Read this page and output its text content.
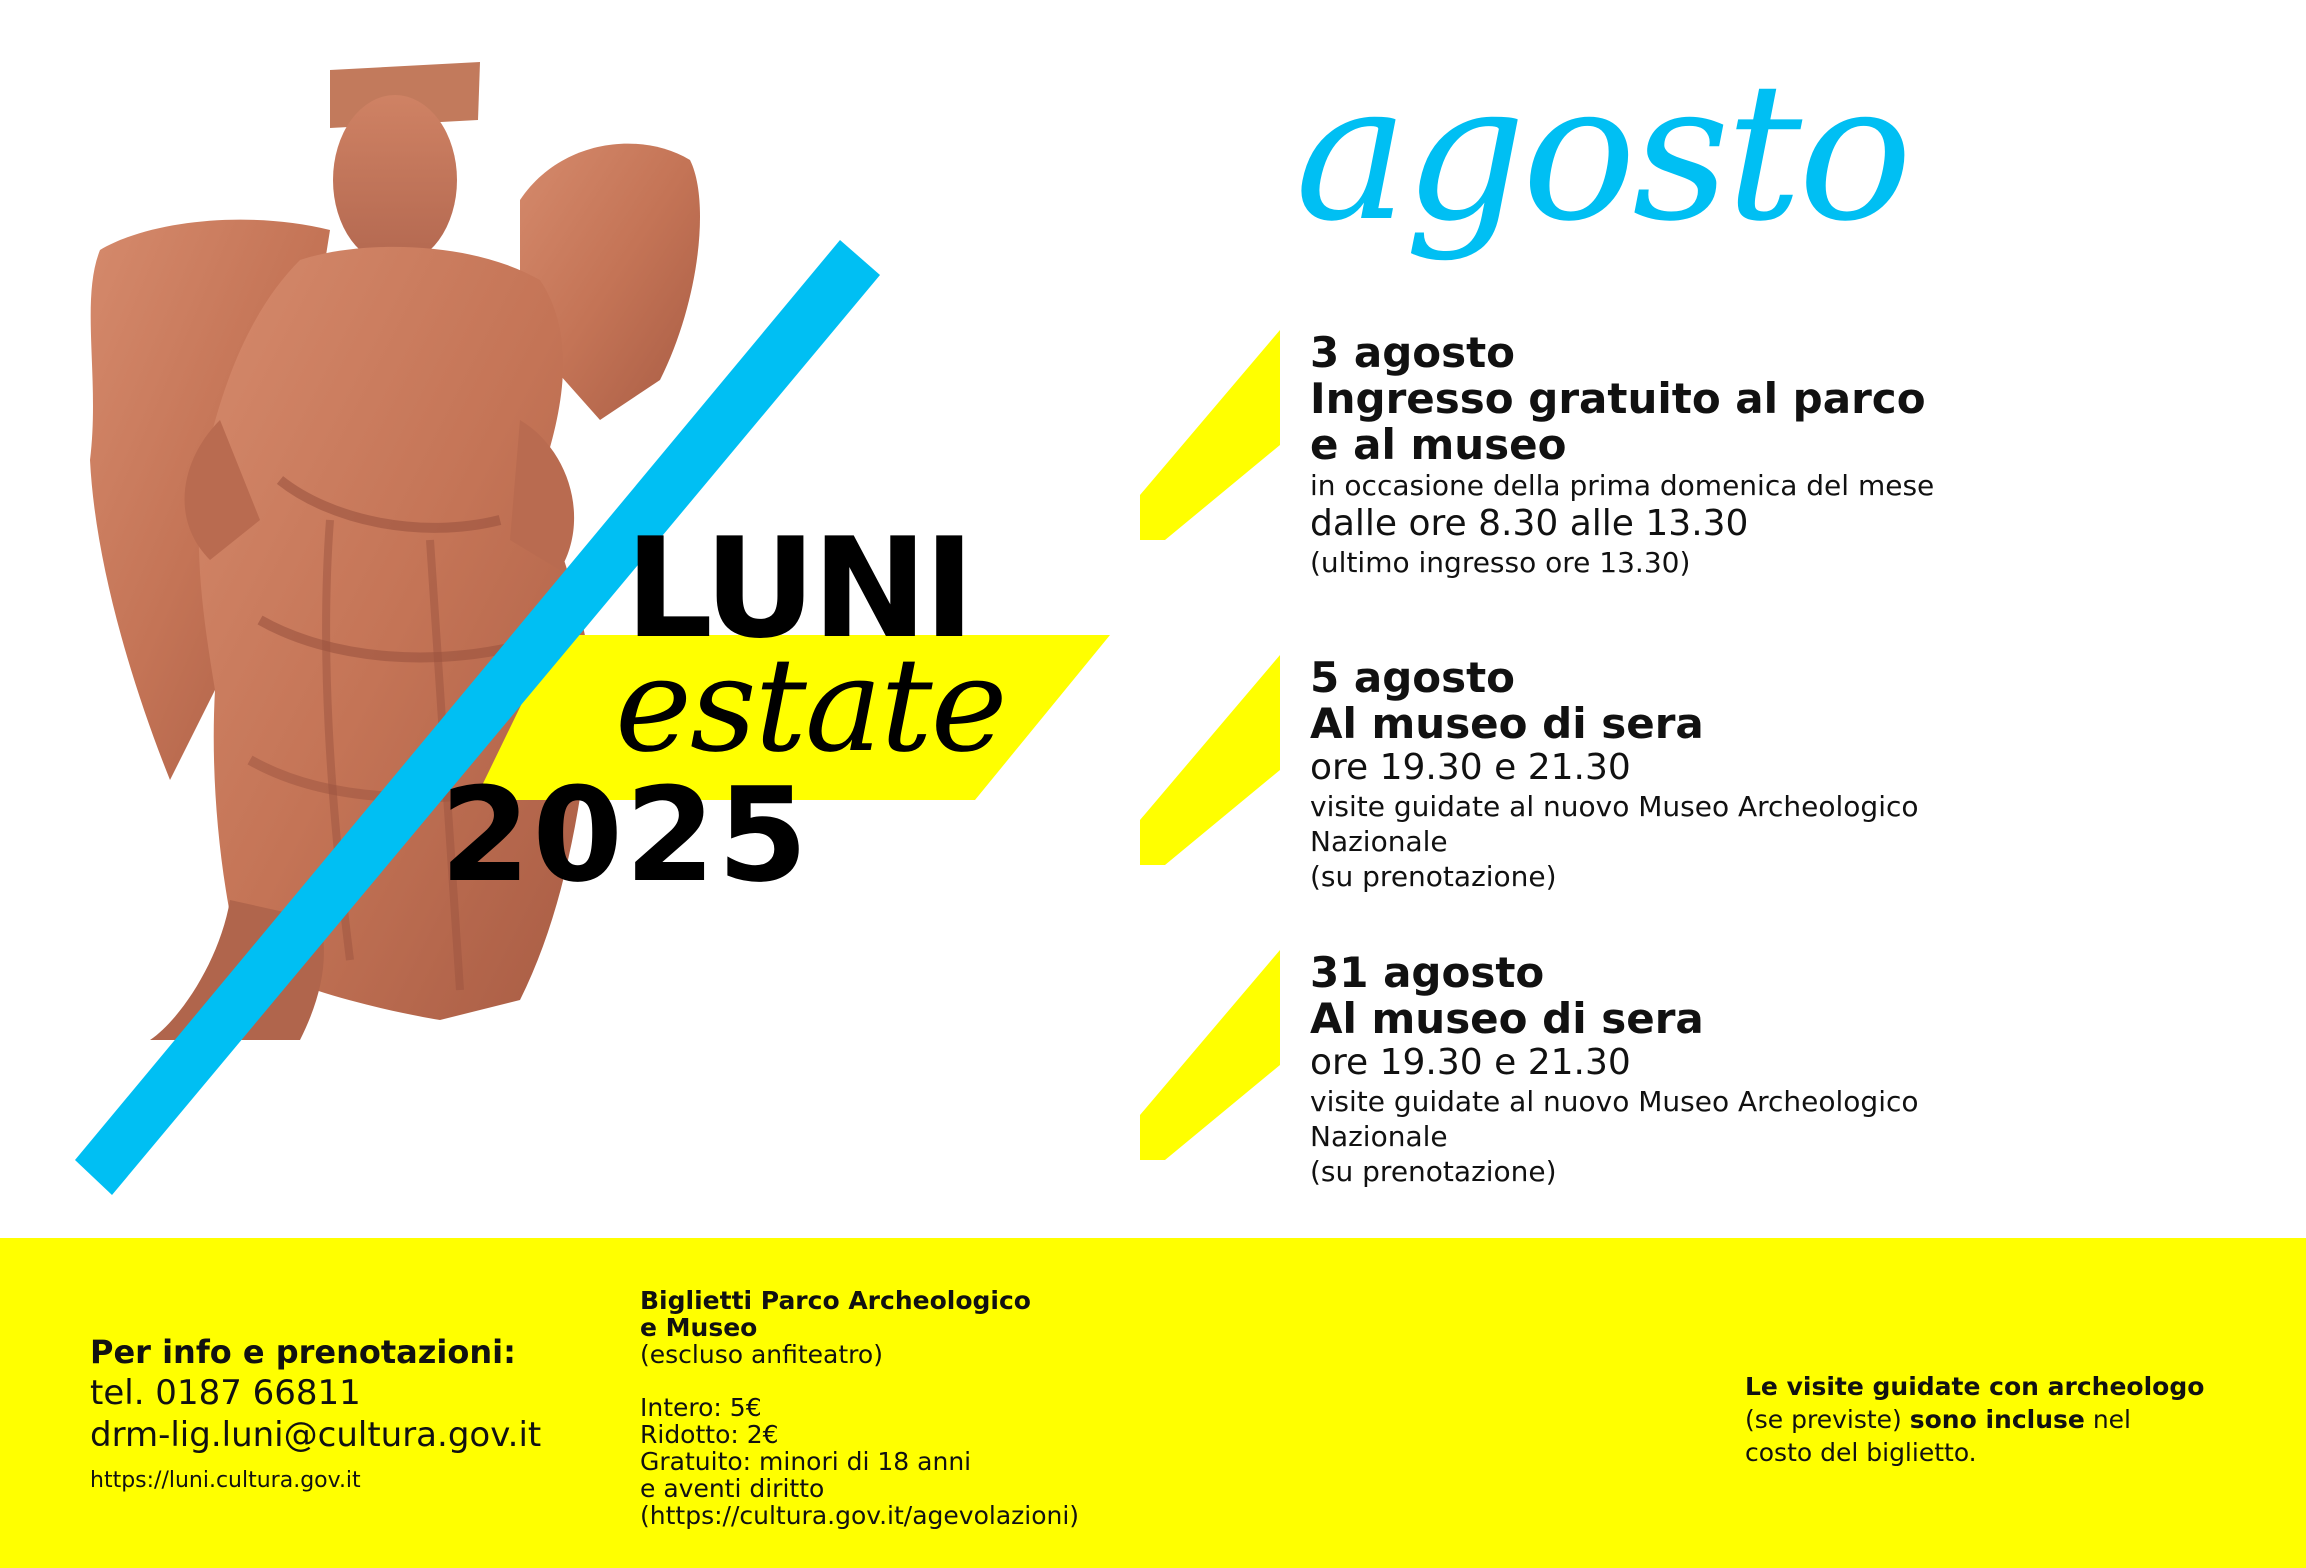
LUNI
estate
2025
agosto
3 agosto
Ingresso gratuito al parco
e al museo
in occasione della prima domenica del mese
dalle ore 8.30 alle 13.30
(ultimo ingresso ore 13.30)
5 agosto
Al museo di sera
ore 19.30 e 21.30
visite guidate al nuovo Museo Archeologico
Nazionale
(su prenotazione)
31 agosto
Al museo di sera
ore 19.30 e 21.30
visite guidate al nuovo Museo Archeologico
Nazionale
(su prenotazione)
Per info e prenotazioni:
tel. 0187 66811
drm-lig.luni@cultura.gov.it
https://luni.cultura.gov.it
Biglietti Parco Archeologico
e Museo
(escluso anfiteatro)
Intero: 5€
Ridotto: 2€
Gratuito: minori di 18 anni
e aventi diritto
(https://cultura.gov.it/agevolazioni)
Le visite guidate con archeologo
(se previste) sono incluse nel
costo del biglietto.
